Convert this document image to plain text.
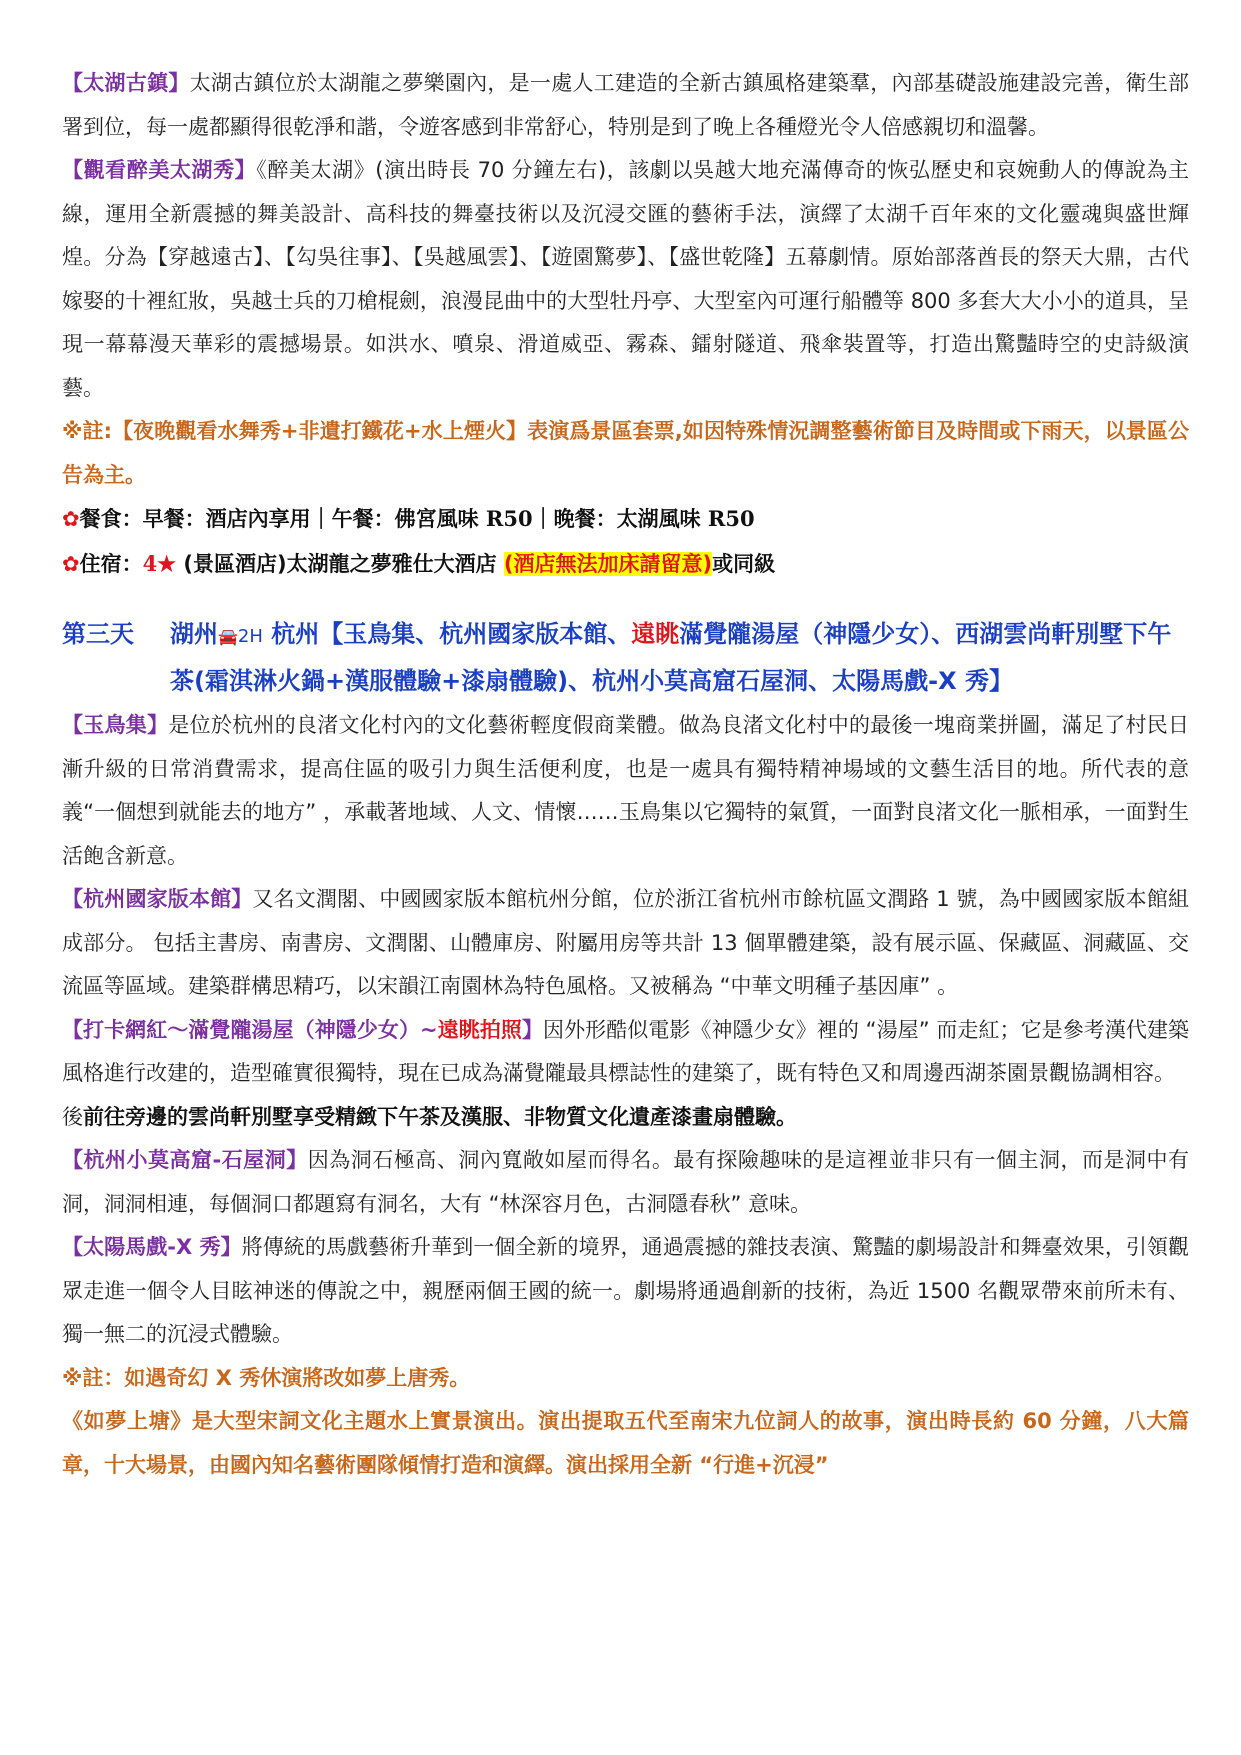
【太湖古鎮】太湖古鎮位於太湖龍之夢樂園內，是一處人工建造的全新古鎮風格建築羣，內部基礎設施建設完善，衛生部署到位，每一處都顯得很乾淨和諧，令遊客感到非常舒心，特別是到了晚上各種燈光令人倍感親切和溫馨。

【觀看醉美太湖秀】《醉美太湖》(演出時長 70 分鐘左右)，該劇以吳越大地充滿傳奇的恢弘歷史和哀婉動人的傳說為主線，運用全新震撼的舞美設計、高科技的舞臺技術以及沉浸交匯的藝術手法，演繹了太湖千百年來的文化靈魂與盛世輝煌。分為【穿越遠古】、【勾吳往事】、【吳越風雲】、【遊園驚夢】、【盛世乾隆】五幕劇情。原始部落酋長的祭天大鼎，古代嫁娶的十裡紅妝，吳越士兵的刀槍棍劍，浪漫昆曲中的大型牡丹亭、大型室內可運行船體等 800 多套大大小小的道具，呈現一幕幕漫天華彩的震撼場景。如洪水、噴泉、滑道威亞、霧森、鐳射隧道、飛傘裝置等，打造出驚豔時空的史詩級演藝。

※註:【夜晚觀看水舞秀+非遺打鐵花+水上煙火】表演爲景區套票,如因特殊情況調整藝術節目及時間或下雨天，以景區公告為主。

✿餐食：早餐：酒店內享用｜午餐：佛宮風味 R50｜晚餐：太湖風味 R50

✿住宿：4★ (景區酒店)太湖龍之夢雅仕大酒店 (酒店無法加床請留意)或同級

第三天	湖州🚘2H 杭州【玉鳥集、杭州國家版本館、遠眺滿覺隴湯屋（神隱少女）、西湖雲尚軒別墅下午茶(霜淇淋火鍋+漢服體驗+漆扇體驗)、杭州小莫高窟石屋洞、太陽馬戲-X 秀】

【玉鳥集】是位於杭州的良渚文化村內的文化藝術輕度假商業體。做為良渚文化村中的最後一塊商業拼圖，滿足了村民日漸升級的日常消費需求，提高住區的吸引力與生活便利度，也是一處具有獨特精神場域的文藝生活目的地。所代表的意義“一個想到就能去的地方” ，承載著地域、人文、情懷……玉鳥集以它獨特的氣質，一面對良渚文化一脈相承，一面對生活飽含新意。

【杭州國家版本館】又名文潤閣、中國國家版本館杭州分館，位於浙江省杭州市餘杭區文潤路 1 號，為中國國家版本館組成部分。 包括主書房、南書房、文潤閣、山體庫房、附屬用房等共計 13 個單體建築，設有展示區、保藏區、洞藏區、交流區等區域。建築群構思精巧，以宋韻江南園林為特色風格。又被稱為 “中華文明種子基因庫” 。

【打卡網紅～滿覺隴湯屋（神隱少女）~遠眺拍照】因外形酷似電影《神隱少女》裡的 “湯屋” 而走紅；它是參考漢代建築風格進行改建的，造型確實很獨特，現在已成為滿覺隴最具標誌性的建築了，既有特色又和周邊西湖茶園景觀協調相容。

後前往旁邊的雲尚軒別墅享受精緻下午茶及漢服、非物質文化遺產漆畫扇體驗。

【杭州小莫高窟-石屋洞】因為洞石極高、洞內寬敞如屋而得名。最有探險趣味的是這裡並非只有一個主洞，而是洞中有洞，洞洞相連，每個洞口都題寫有洞名，大有 “林深容月色，古洞隱春秋” 意味。

【太陽馬戲-X 秀】將傳統的馬戲藝術升華到一個全新的境界，通過震撼的雜技表演、驚豔的劇場設計和舞臺效果，引領觀眾走進一個令人目眩神迷的傳說之中，親歷兩個王國的統一。劇場將通過創新的技術，為近 1500 名觀眾帶來前所未有、獨一無二的沉浸式體驗。

※註：如遇奇幻 X 秀休演將改如夢上唐秀。

《如夢上塘》是大型宋詞文化主題水上實景演出。演出提取五代至南宋九位詞人的故事，演出時長約 60 分鐘，八大篇章，十大場景，由國內知名藝術團隊傾情打造和演繹。演出採用全新 “行進+沉浸”
